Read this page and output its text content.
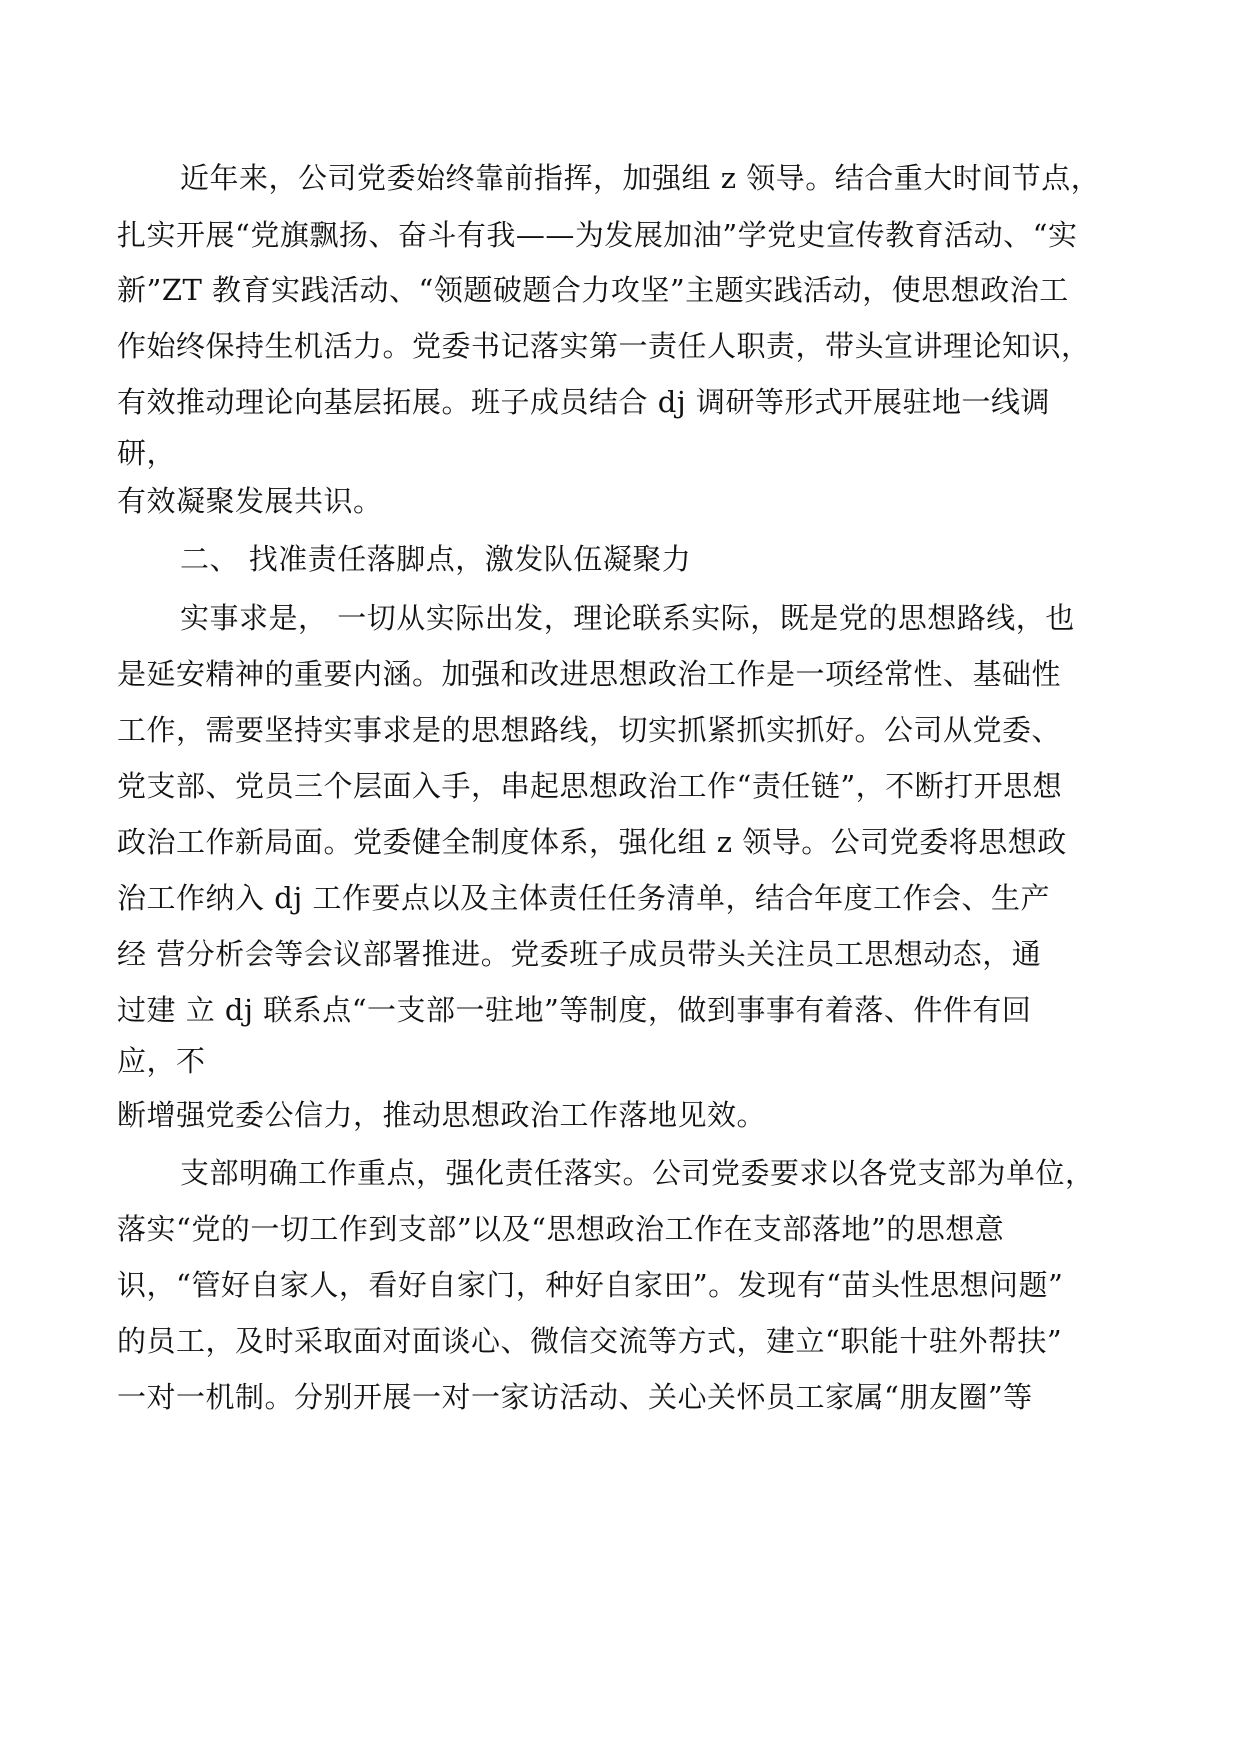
近年来，公司党委始终靠前指挥，加强组 z 领导。结合重大时间节点，
扎实开展“党旗飘扬、奋斗有我——为发展加油”学党史宣传教育活动、“实
新”ZT 教育实践活动、“领题破题合力攻坚”主题实践活动，使思想政治工
作始终保持生机活力。党委书记落实第一责任人职责，带头宣讲理论知识，
有效推动理论向基层拓展。班子成员结合 dj 调研等形式开展驻地一线调
研，
有效凝聚发展共识。
二、 找准责任落脚点，激发队伍凝聚力
实事求是， 一切从实际出发，理论联系实际，既是党的思想路线，也
是延安精神的重要内涵。加强和改进思想政治工作是一项经常性、基础性
工作，需要坚持实事求是的思想路线，切实抓紧抓实抓好。公司从党委、
党支部、党员三个层面入手，串起思想政治工作“责任链”，不断打开思想
政治工作新局面。党委健全制度体系，强化组 z 领导。公司党委将思想政
治工作纳入 dj 工作要点以及主体责任任务清单，结合年度工作会、生产
经 营分析会等会议部署推进。党委班子成员带头关注员工思想动态，通
过建 立 dj 联系点“一支部一驻地”等制度，做到事事有着落、件件有回
应，不
断增强党委公信力，推动思想政治工作落地见效。
支部明确工作重点，强化责任落实。公司党委要求以各党支部为单位，
落实“党的一切工作到支部”以及“思想政治工作在支部落地”的思想意
识，“管好自家人，看好自家门，种好自家田”。发现有“苗头性思想问题”
的员工，及时采取面对面谈心、微信交流等方式，建立“职能十驻外帮扶”
一对一机制。分别开展一对一家访活动、关心关怀员工家属“朋友圈”等
